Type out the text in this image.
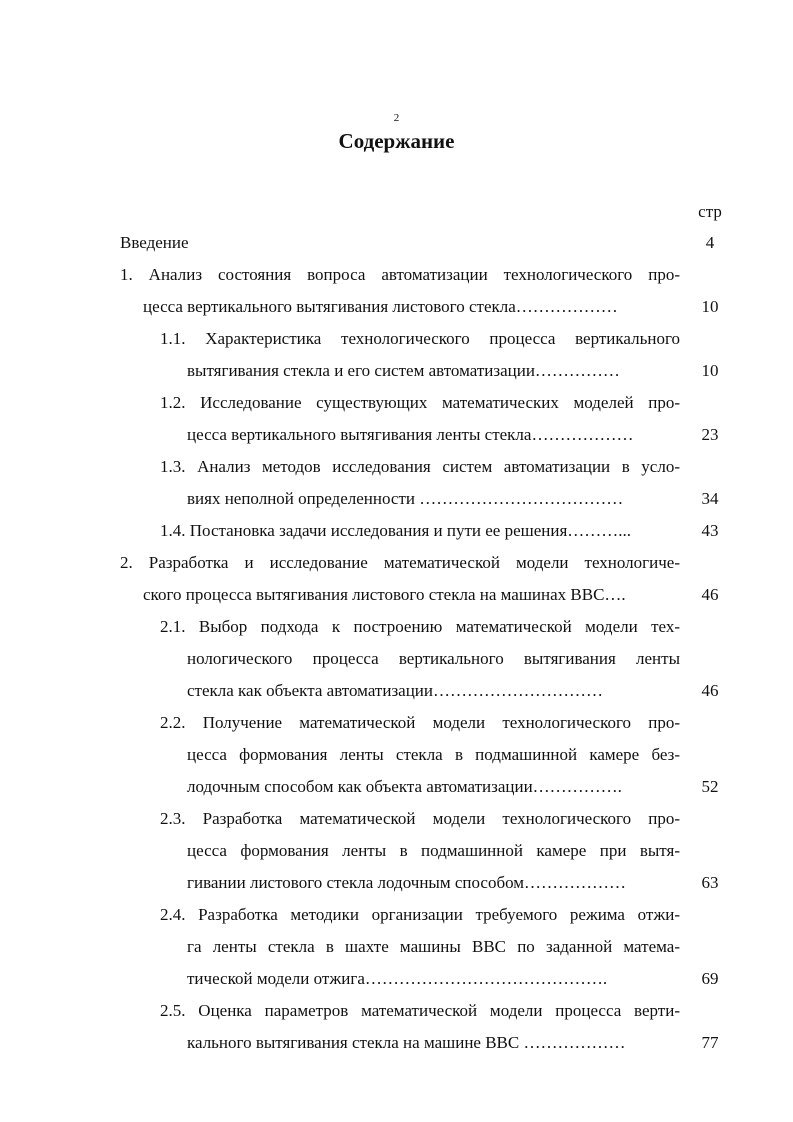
2
Содержание
стр
Введение	4
1. Анализ состояния вопроса автоматизации технологического про-
цесса вертикального вытягивания листового стекла………………	10
1.1. Характеристика технологического процесса вертикального
вытягивания стекла и его систем автоматизации……………	10
1.2. Исследование существующих математических моделей про-
цесса вертикального вытягивания ленты стекла………………	23
1.3. Анализ методов исследования систем автоматизации в усло-
виях неполной определенности ………………………………	34
1.4. Постановка задачи исследования и пути ее решения………...	43
2. Разработка и исследование математической модели технологиче-
ского процесса вытягивания листового стекла на машинах ВВС….	46
2.1. Выбор подхода к построению математической модели тех-
нологического процесса вертикального вытягивания ленты
стекла как объекта автоматизации…………………………	46
2.2. Получение математической модели технологического про-
цесса формования ленты стекла в подмашинной камере без-
лодочным способом как объекта автоматизации…………….	52
2.3. Разработка математической модели технологического про-
цесса формования ленты в подмашинной камере при вытя-
гивании листового стекла лодочным способом………………	63
2.4. Разработка методики организации требуемого режима отжи-
га ленты стекла в шахте машины ВВС по заданной матема-
тической модели отжига…………………………………….	69
2.5. Оценка параметров математической модели процесса верти-
кального вытягивания стекла на машине ВВС ………………	77
